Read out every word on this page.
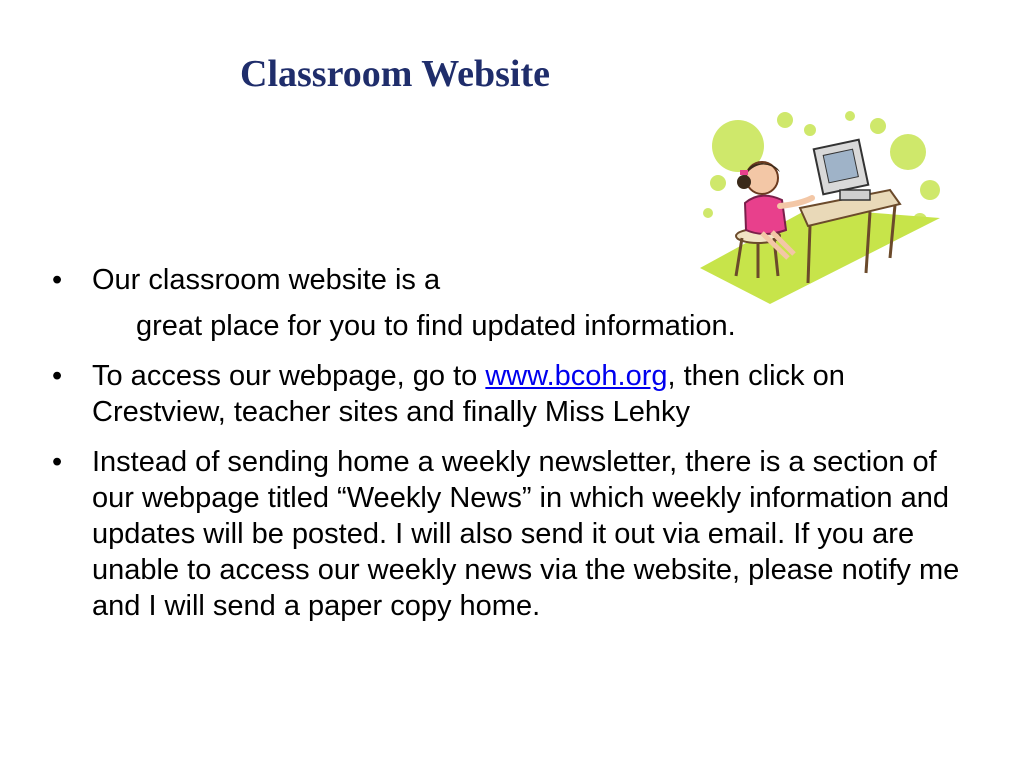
Classroom Website
• Our classroom website is a
great place for you to find updated information.
• To access our webpage, go to www.bcoh.org, then click on Crestview, teacher sites and finally Miss Lehky
• Instead of sending home a weekly newsletter, there is a section of our webpage titled “Weekly News” in which weekly information and updates will be posted. I will also send it out via email. If you are unable to access our weekly news via the website, please notify me and I will send a paper copy home.
